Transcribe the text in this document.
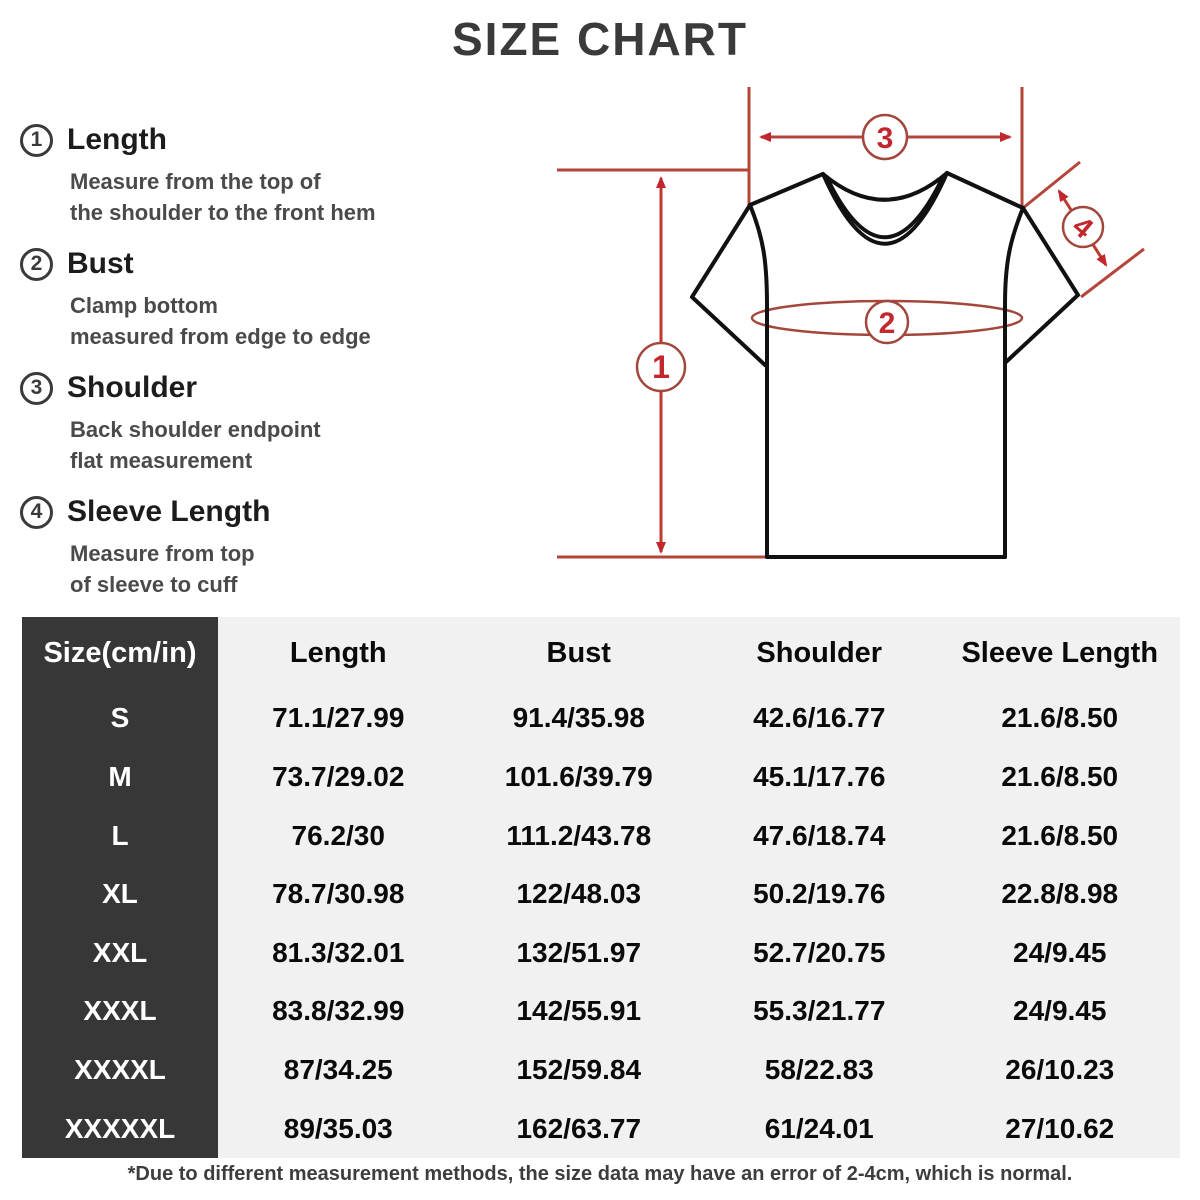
SIZE CHART
1 Length
Measure from the top of
the shoulder to the front hem
2 Bust
Clamp bottom
measured from edge to edge
3 Shoulder
Back shoulder endpoint
flat measurement
4 Sleeve Length
Measure from top
of sleeve to cuff
1
2
3
4
Size(cm/in)	Length	Bust	Shoulder	Sleeve Length
S	71.1/27.99	91.4/35.98	42.6/16.77	21.6/8.50
M	73.7/29.02	101.6/39.79	45.1/17.76	21.6/8.50
L	76.2/30	111.2/43.78	47.6/18.74	21.6/8.50
XL	78.7/30.98	122/48.03	50.2/19.76	22.8/8.98
XXL	81.3/32.01	132/51.97	52.7/20.75	24/9.45
XXXL	83.8/32.99	142/55.91	55.3/21.77	24/9.45
XXXXL	87/34.25	152/59.84	58/22.83	26/10.23
XXXXXL	89/35.03	162/63.77	61/24.01	27/10.62
*Due to different measurement methods, the size data may have an error of 2-4cm, which is normal.
